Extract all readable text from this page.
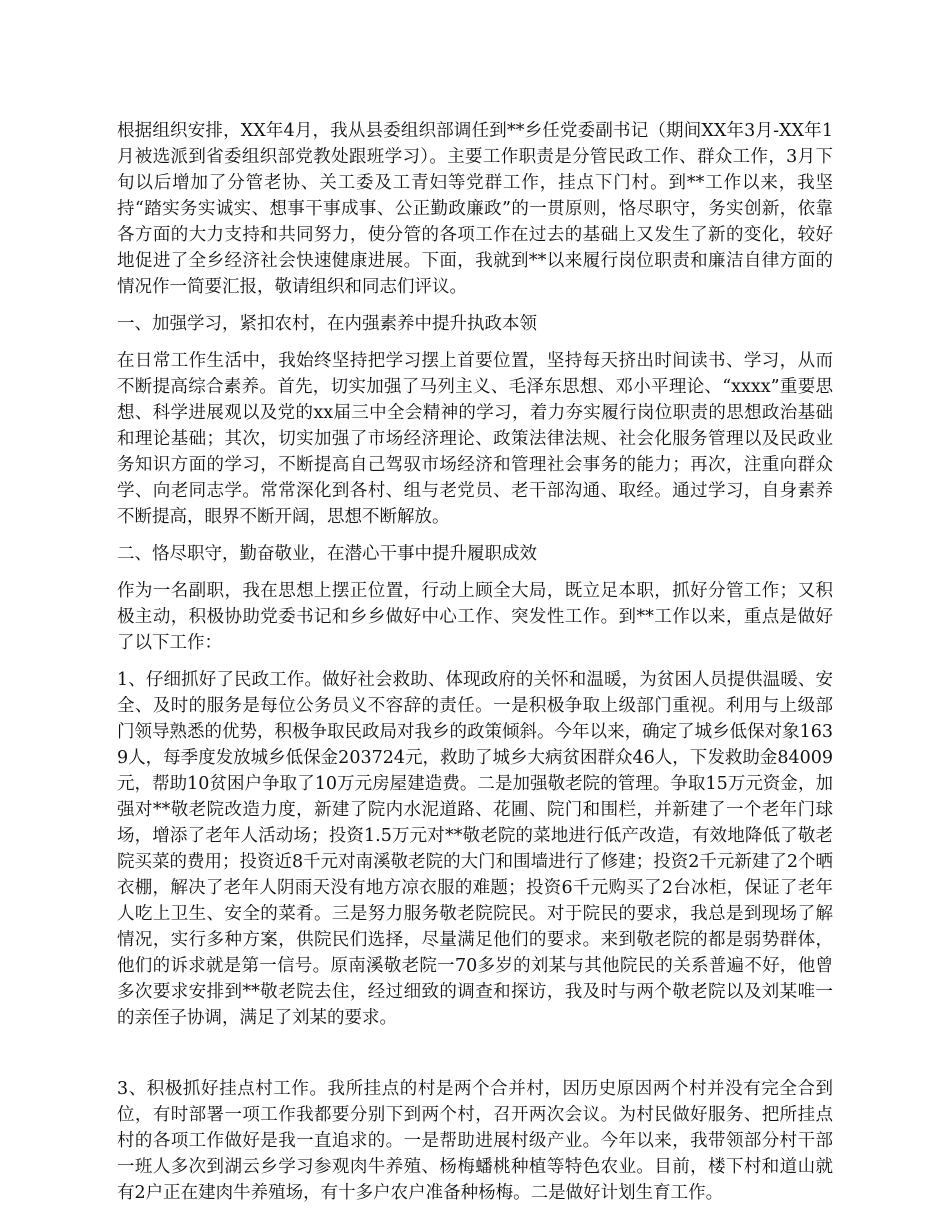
根据组织安排，XX年4月，我从县委组织部调任到**乡任党委副书记（期间XX年3月-XX年1月被选派到省委组织部党教处跟班学习）。主要工作职责是分管民政工作、群众工作，3月下旬以后增加了分管老协、关工委及工青妇等党群工作，挂点下门村。到**工作以来，我坚持“踏实务实诚实、想事干事成事、公正勤政廉政”的一贯原则，恪尽职守，务实创新，依靠各方面的大力支持和共同努力，使分管的各项工作在过去的基础上又发生了新的变化，较好地促进了全乡经济社会快速健康进展。下面，我就到**以来履行岗位职责和廉洁自律方面的情况作一简要汇报，敬请组织和同志们评议。

一、加强学习，紧扣农村，在内强素养中提升执政本领

在日常工作生活中，我始终坚持把学习摆上首要位置，坚持每天挤出时间读书、学习，从而不断提高综合素养。首先，切实加强了马列主义、毛泽东思想、邓小平理论、“xxxx”重要思想、科学进展观以及党的xx届三中全会精神的学习，着力夯实履行岗位职责的思想政治基础和理论基础；其次，切实加强了市场经济理论、政策法律法规、社会化服务管理以及民政业务知识方面的学习，不断提高自己驾驭市场经济和管理社会事务的能力；再次，注重向群众学、向老同志学。常常深化到各村、组与老党员、老干部沟通、取经。通过学习，自身素养不断提高，眼界不断开阔，思想不断解放。

二、恪尽职守，勤奋敬业，在潜心干事中提升履职成效

作为一名副职，我在思想上摆正位置，行动上顾全大局，既立足本职，抓好分管工作；又积极主动，积极协助党委书记和乡乡做好中心工作、突发性工作。到**工作以来，重点是做好了以下工作：

1、仔细抓好了民政工作。做好社会救助、体现政府的关怀和温暖，为贫困人员提供温暖、安全、及时的服务是每位公务员义不容辞的责任。一是积极争取上级部门重视。利用与上级部门领导熟悉的优势，积极争取民政局对我乡的政策倾斜。今年以来，确定了城乡低保对象1639人，每季度发放城乡低保金203724元，救助了城乡大病贫困群众46人，下发救助金84009元，帮助10贫困户争取了10万元房屋建造费。二是加强敬老院的管理。争取15万元资金，加强对**敬老院改造力度，新建了院内水泥道路、花圃、院门和围栏，并新建了一个老年门球场，增添了老年人活动场；投资1.5万元对**敬老院的菜地进行低产改造，有效地降低了敬老院买菜的费用；投资近8千元对南溪敬老院的大门和围墙进行了修建；投资2千元新建了2个晒衣棚，解决了老年人阴雨天没有地方凉衣服的难题；投资6千元购买了2台冰柜，保证了老年人吃上卫生、安全的菜肴。三是努力服务敬老院院民。对于院民的要求，我总是到现场了解情况，实行多种方案，供院民们选择，尽量满足他们的要求。来到敬老院的都是弱势群体，他们的诉求就是第一信号。原南溪敬老院一70多岁的刘某与其他院民的关系普遍不好，他曾多次要求安排到**敬老院去住，经过细致的调查和探访，我及时与两个敬老院以及刘某唯一的亲侄子协调，满足了刘某的要求。

3、积极抓好挂点村工作。我所挂点的村是两个合并村，因历史原因两个村并没有完全合到位，有时部署一项工作我都要分别下到两个村，召开两次会议。为村民做好服务、把所挂点村的各项工作做好是我一直追求的。一是帮助进展村级产业。今年以来，我带领部分村干部一班人多次到湖云乡学习参观肉牛养殖、杨梅蟠桃种植等特色农业。目前，楼下村和道山就有2户正在建肉牛养殖场，有十多户农户准备种杨梅。二是做好计划生育工作。
